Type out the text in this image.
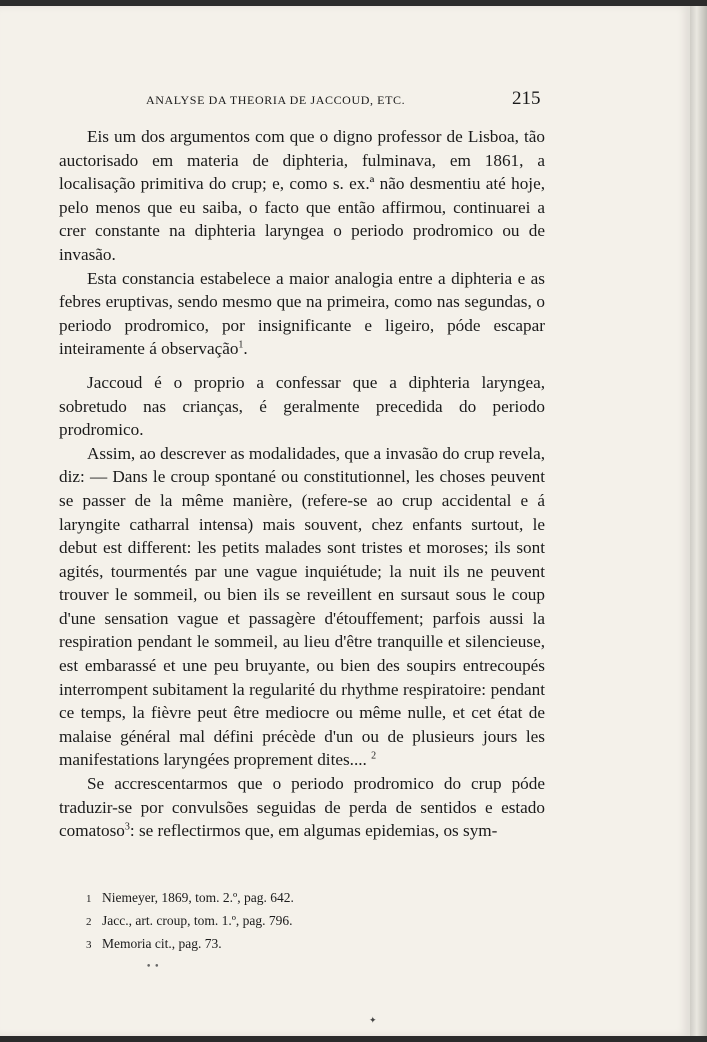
ANALYSE DA THEORIA DE JACCOUD, ETC.	215

Eis um dos argumentos com que o digno professor de Lisboa, tão auctorisado em materia de diphteria, fulminava, em 1861, a localisação primitiva do crup; e, como s. ex.ª não desmentiu até hoje, pelo menos que eu saiba, o facto que então affirmou, continuarei a crer constante na diphteria laryngea o periodo prodromico ou de invasão.

Esta constancia estabelece a maior analogia entre a diphteria e as febres eruptivas, sendo mesmo que na primeira, como nas segundas, o periodo prodromico, por insignificante e ligeiro, póde escapar inteiramente á observação$^1$.

Jaccoud é o proprio a confessar que a diphteria laryngea, sobretudo nas crianças, é geralmente precedida do periodo prodromico.

Assim, ao descrever as modalidades, que a invasão do crup revela, diz: — Dans le croup spontané ou constitutionnel, les choses peuvent se passer de la même manière, (refere-se ao crup accidental e á laryngite catharral intensa) mais souvent, chez enfants surtout, le debut est different: les petits malades sont tristes et moroses; ils sont agités, tourmentés par une vague inquiétude; la nuit ils ne peuvent trouver le sommeil, ou bien ils se reveillent en sursaut sous le coup d'une sensation vague et passagère d'étouffement; parfois aussi la respiration pendant le sommeil, au lieu d'être tranquille et silencieuse, est embarassé et une peu bruyante, ou bien des soupirs entrecoupés interrompent subitament la regularité du rhythme respiratoire: pendant ce temps, la fièvre peut être mediocre ou même nulle, et cet état de malaise général mal défini précède d'un ou de plusieurs jours les manifestations laryngées proprement dites.... $^2$

Se accrescentarmos que o periodo prodromico do crup póde traduzir-se por convulsões seguidas de perda de sentidos e estado comatoso$^3$: se reflectirmos que, em algumas epidemias, os sym-

1 Niemeyer, 1869, tom. 2.º, pag. 642.
2 Jacc., art. croup, tom. 1.º, pag. 796.
3 Memoria cit., pag. 73.
• •
✦
